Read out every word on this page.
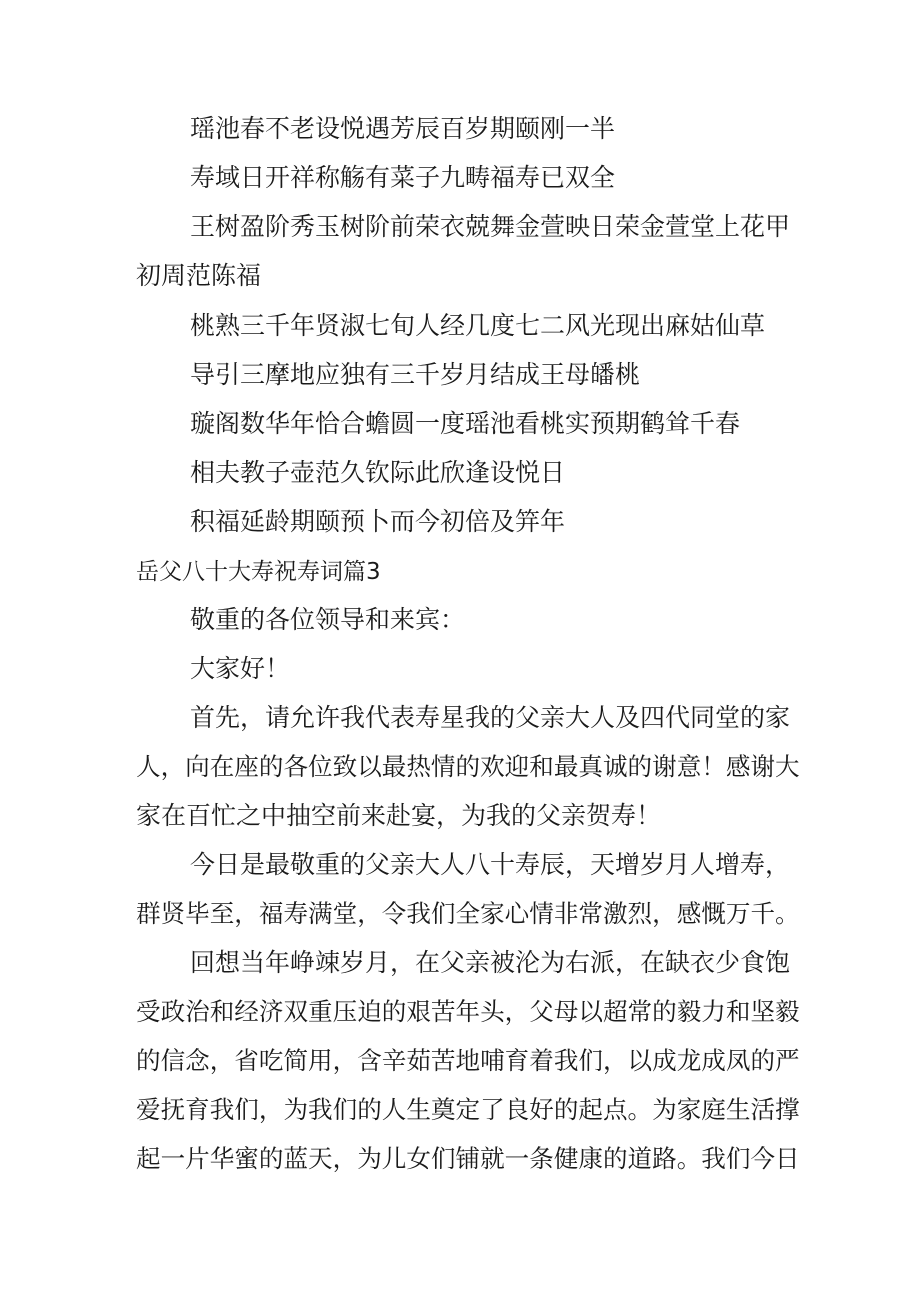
瑶池春不老设悦遇芳辰百岁期颐刚一半
寿域日开祥称觞有菜子九畴福寿已双全
王树盈阶秀玉树阶前荣衣兢舞金萱映日荣金萱堂上花甲
初周范陈福
桃熟三千年贤淑七旬人经几度七二风光现出麻姑仙草
导引三摩地应独有三千岁月结成王母皤桃
璇阁数华年恰合蟾圆一度瑶池看桃实预期鹤耸千春
相夫教子壶范久钦际此欣逢设悦日
积福延龄期颐预卜而今初倍及笄年
岳父八十大寿祝寿词篇3
敬重的各位领导和来宾：
大家好！
首先，请允许我代表寿星我的父亲大人及四代同堂的家
人，向在座的各位致以最热情的欢迎和最真诚的谢意！感谢大
家在百忙之中抽空前来赴宴，为我的父亲贺寿！
今日是最敬重的父亲大人八十寿辰，天增岁月人增寿，
群贤毕至，福寿满堂，令我们全家心情非常激烈，感慨万千。
回想当年峥竦岁月，在父亲被沦为右派，在缺衣少食饱
受政治和经济双重压迫的艰苦年头，父母以超常的毅力和坚毅
的信念，省吃简用，含辛茹苦地哺育着我们，以成龙成凤的严
爱抚育我们，为我们的人生奠定了良好的起点。为家庭生活撑
起一片华蜜的蓝天，为儿女们铺就一条健康的道路。我们今日
